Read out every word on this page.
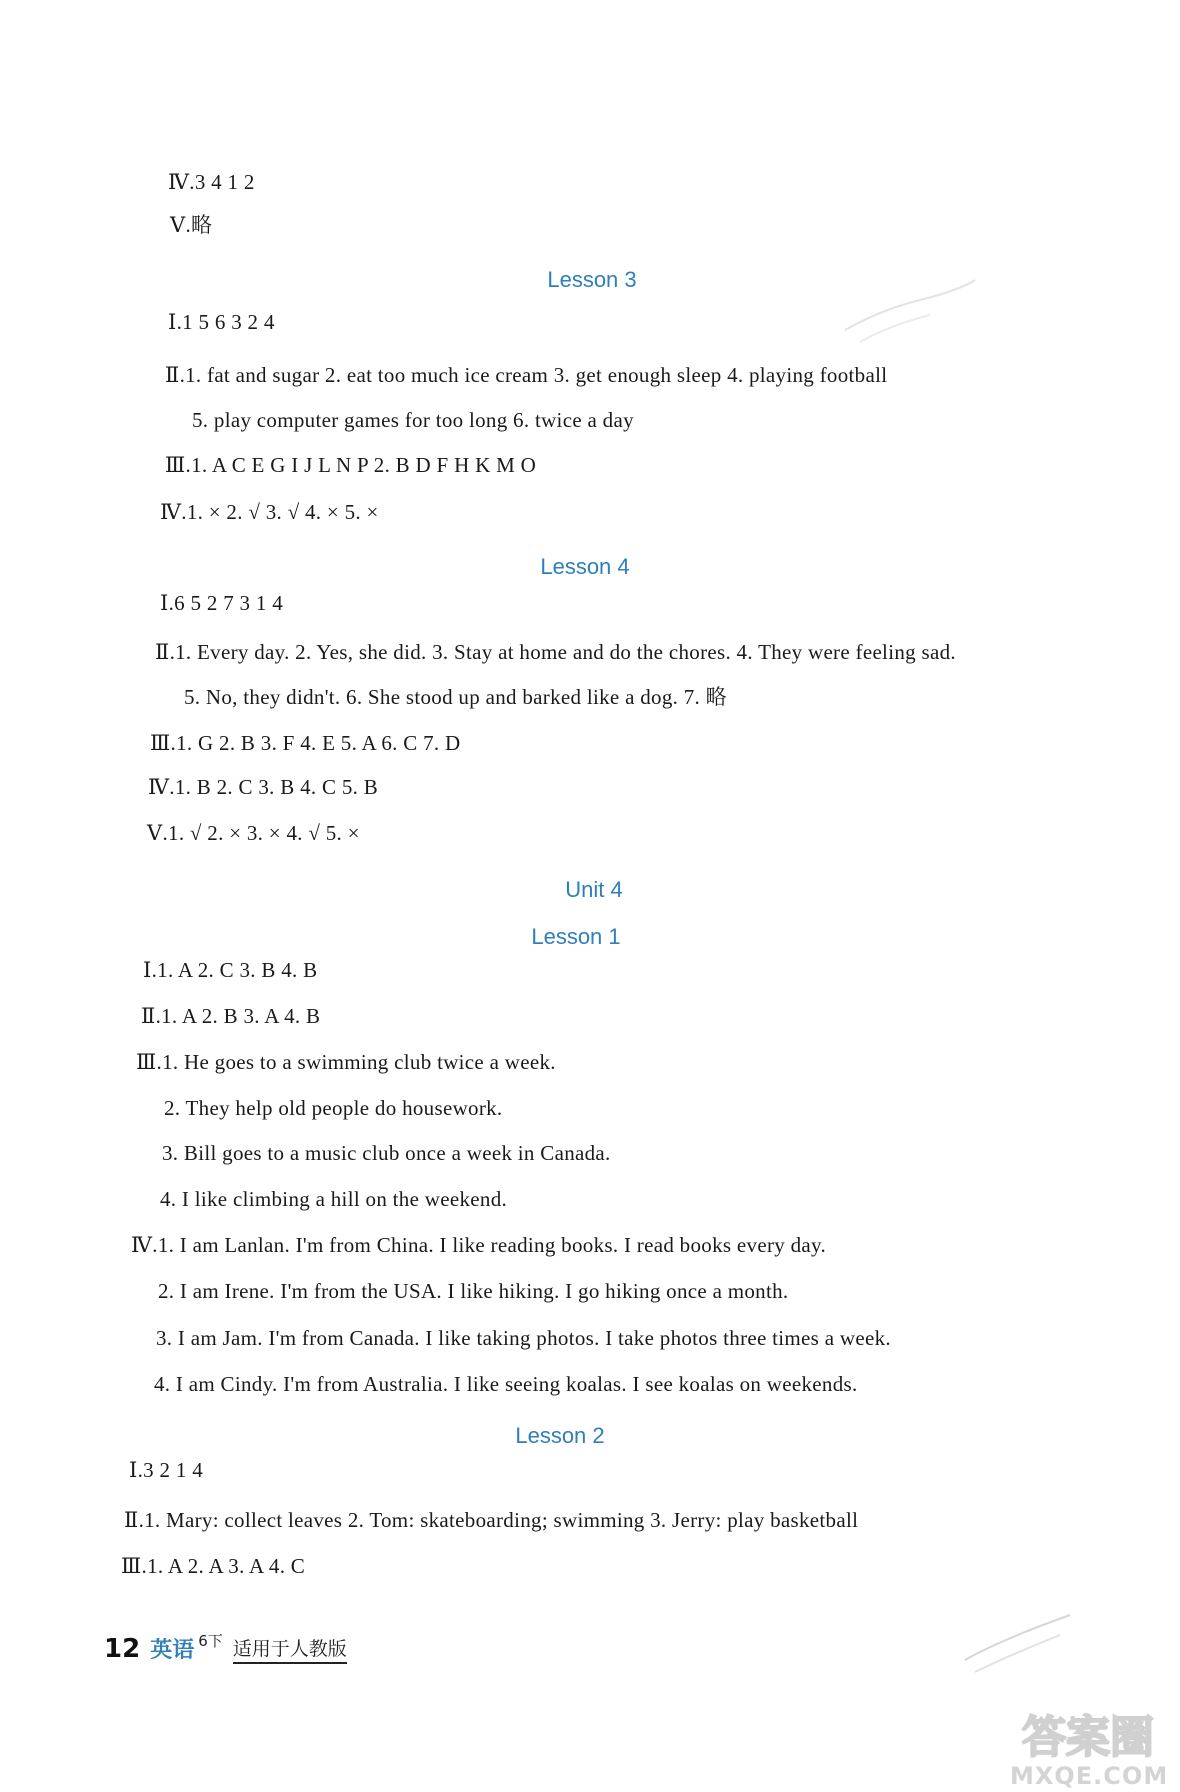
Ⅳ.3 4 1 2
Ⅴ.略
Ⅰ.1 5 6 3 2 4
Ⅱ.1. fat and sugar 2. eat too much ice cream 3. get enough sleep 4. playing football
5. play computer games for too long 6. twice a day
Ⅲ.1. A C E G I J L N P 2. B D F H K M O
Ⅳ.1. × 2. √ 3. √ 4. × 5. ×
Ⅰ.6 5 2 7 3 1 4
Ⅱ.1. Every day. 2. Yes, she did. 3. Stay at home and do the chores. 4. They were feeling sad.
5. No, they didn't. 6. She stood up and barked like a dog. 7. 略
Ⅲ.1. G 2. B 3. F 4. E 5. A 6. C 7. D
Ⅳ.1. B 2. C 3. B 4. C 5. B
Ⅴ.1. √ 2. × 3. × 4. √ 5. ×
Ⅰ.1. A 2. C 3. B 4. B
Ⅱ.1. A 2. B 3. A 4. B
Ⅲ.1. He goes to a swimming club twice a week.
2. They help old people do housework.
3. Bill goes to a music club once a week in Canada.
4. I like climbing a hill on the weekend.
Ⅳ.1. I am Lanlan. I'm from China. I like reading books. I read books every day.
2. I am Irene. I'm from the USA. I like hiking. I go hiking once a month.
3. I am Jam. I'm from Canada. I like taking photos. I take photos three times a week.
4. I am Cindy. I'm from Australia. I like seeing koalas. I see koalas on weekends.
Ⅰ.3 2 1 4
Ⅱ.1. Mary: collect leaves 2. Tom: skateboarding; swimming 3. Jerry: play basketball
Ⅲ.1. A 2. A 3. A 4. C
Lesson 3
Lesson 4
Unit 4
Lesson 1
Lesson 2
12 英语 6下 适用于人教版
答案圈
MXQE.COM
